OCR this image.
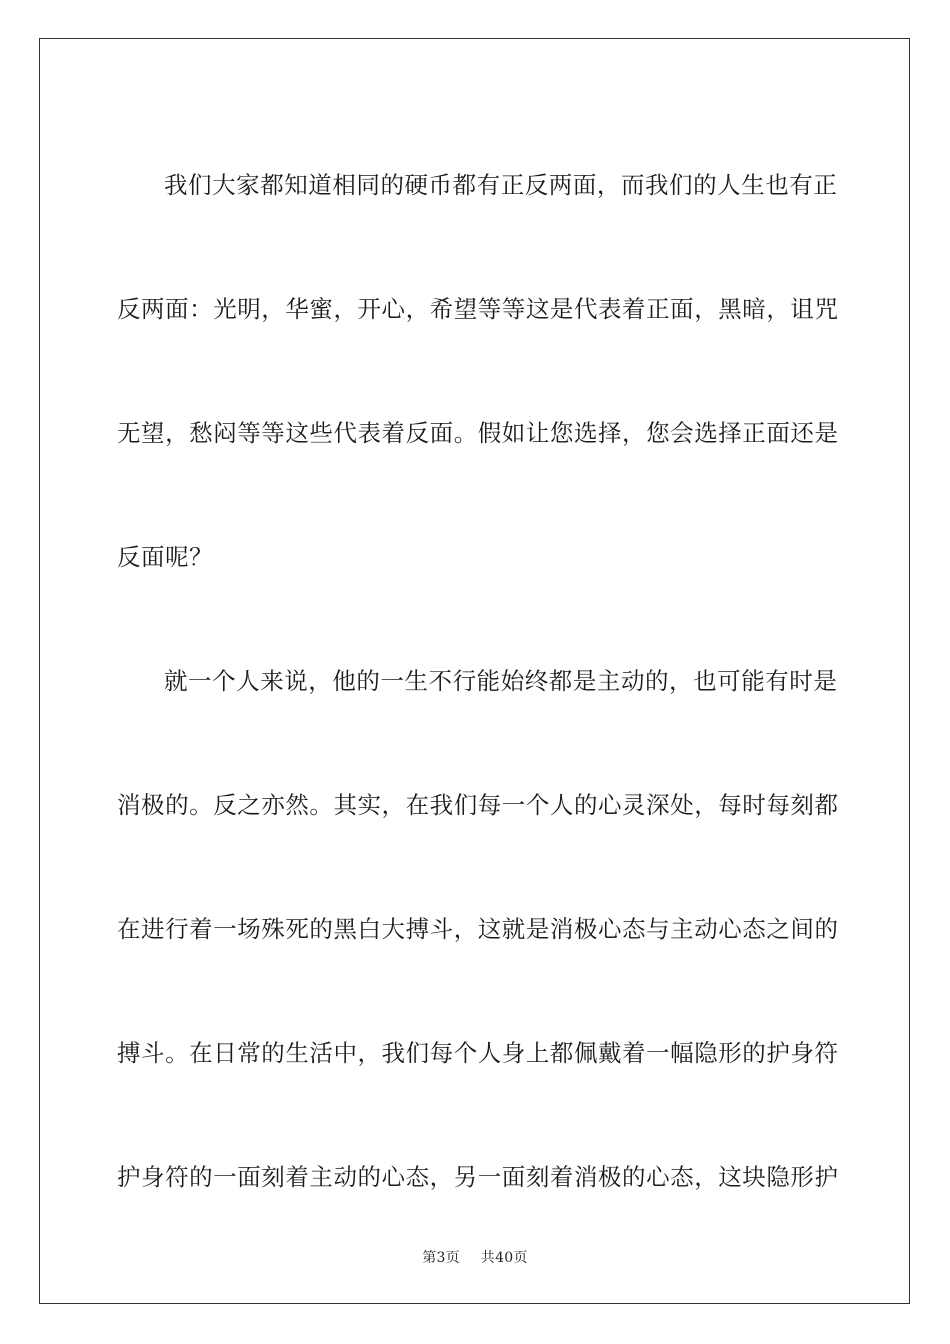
我们大家都知道相同的硬币都有正反两面，而我们的人生也有正
反两面：光明，华蜜，开心，希望等等这是代表着正面，黑暗，诅咒
无望，愁闷等等这些代表着反面。假如让您选择，您会选择正面还是
反面呢？
就一个人来说，他的一生不行能始终都是主动的，也可能有时是
消极的。反之亦然。其实，在我们每一个人的心灵深处，每时每刻都
在进行着一场殊死的黑白大搏斗，这就是消极心态与主动心态之间的
搏斗。在日常的生活中，我们每个人身上都佩戴着一幅隐形的护身符
护身符的一面刻着主动的心态，另一面刻着消极的心态，这块隐形护
第3页 共40页
